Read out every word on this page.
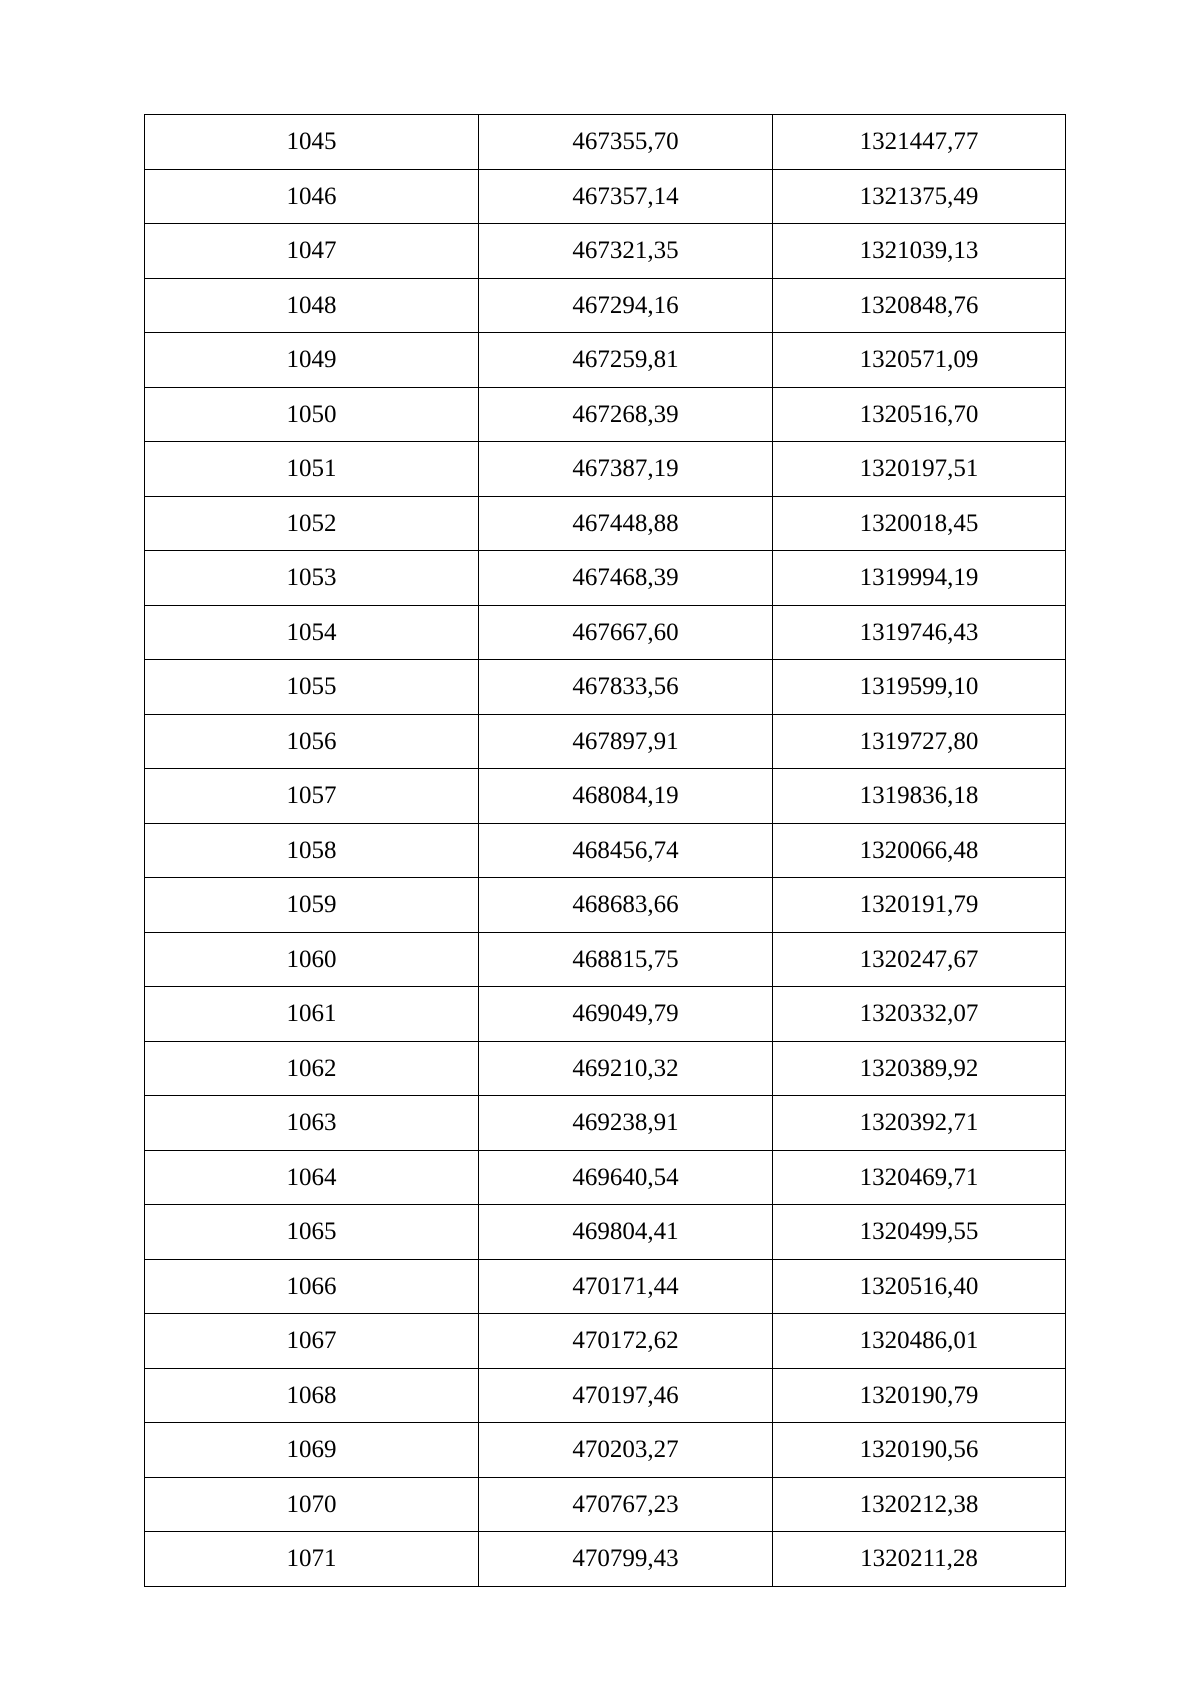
1045	467355,70	1321447,77
1046	467357,14	1321375,49
1047	467321,35	1321039,13
1048	467294,16	1320848,76
1049	467259,81	1320571,09
1050	467268,39	1320516,70
1051	467387,19	1320197,51
1052	467448,88	1320018,45
1053	467468,39	1319994,19
1054	467667,60	1319746,43
1055	467833,56	1319599,10
1056	467897,91	1319727,80
1057	468084,19	1319836,18
1058	468456,74	1320066,48
1059	468683,66	1320191,79
1060	468815,75	1320247,67
1061	469049,79	1320332,07
1062	469210,32	1320389,92
1063	469238,91	1320392,71
1064	469640,54	1320469,71
1065	469804,41	1320499,55
1066	470171,44	1320516,40
1067	470172,62	1320486,01
1068	470197,46	1320190,79
1069	470203,27	1320190,56
1070	470767,23	1320212,38
1071	470799,43	1320211,28
